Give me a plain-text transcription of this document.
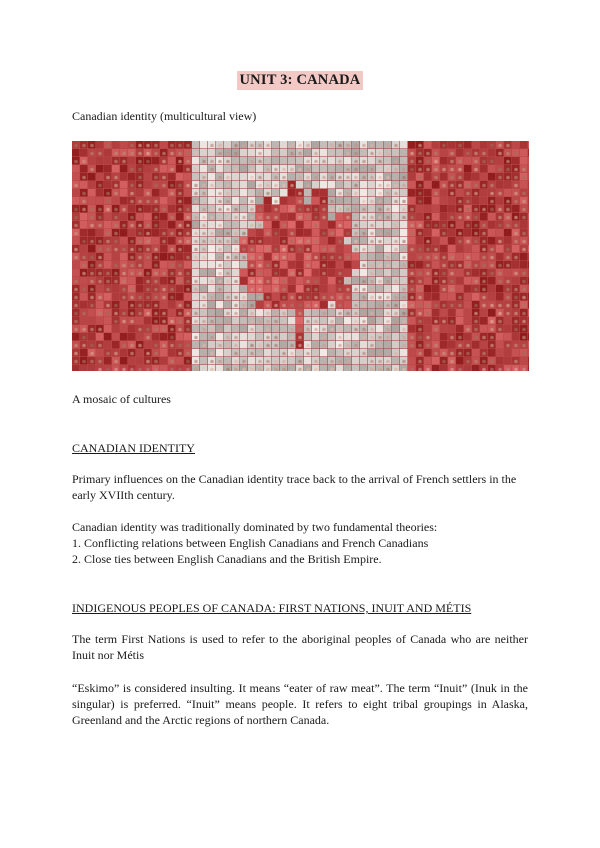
UNIT 3: CANADA
Canadian identity (multicultural view)
A mosaic of cultures
CANADIAN IDENTITY
Primary influences on the Canadian identity trace back to the arrival of French settlers in the early XVIIth century.
Canadian identity was traditionally dominated by two fundamental theories:
1. Conflicting relations between English Canadians and French Canadians
2. Close ties between English Canadians and the British Empire.
INDIGENOUS PEOPLES OF CANADA: FIRST NATIONS, INUIT AND MÉTIS
The term First Nations is used to refer to the aboriginal peoples of Canada who are neither Inuit nor Métis
“Eskimo” is considered insulting. It means “eater of raw meat”. The term “Inuit” (Inuk in the singular) is preferred. “Inuit” means people. It refers to eight tribal groupings in Alaska, Greenland and the Arctic regions of northern Canada.
